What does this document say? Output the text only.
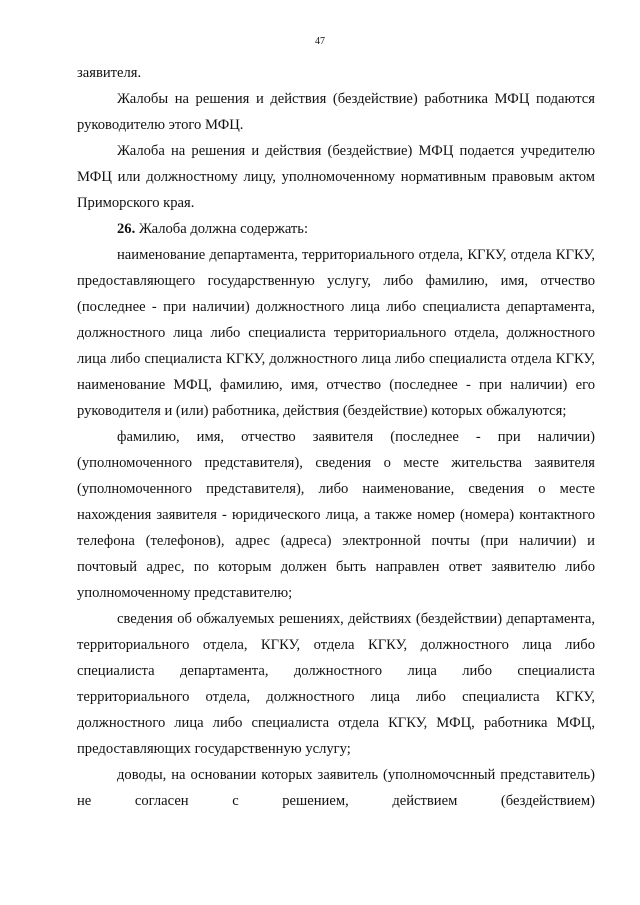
47

заявителя.

Жалобы на решения и действия (бездействие) работника МФЦ подаются руководителю этого МФЦ.

Жалоба на решения и действия (бездействие) МФЦ подается учредителю МФЦ или должностному лицу, уполномоченному нормативным правовым актом Приморского края.

26. Жалоба должна содержать:

наименование департамента, территориального отдела, КГКУ, отдела КГКУ, предоставляющего государственную услугу, либо фамилию, имя, отчество (последнее - при наличии) должностного лица либо специалиста департамента, должностного лица либо специалиста территориального отдела, должностного лица либо специалиста КГКУ, должностного лица либо специалиста отдела КГКУ, наименование МФЦ, фамилию, имя, отчество (последнее - при наличии) его руководителя и (или) работника, действия (бездействие) которых обжалуются;

фамилию, имя, отчество заявителя (последнее - при наличии) (уполномоченного представителя), сведения о месте жительства заявителя (уполномоченного представителя), либо наименование, сведения о месте нахождения заявителя - юридического лица, а также номер (номера) контактного телефона (телефонов), адрес (адреса) электронной почты (при наличии) и почтовый адрес, по которым должен быть направлен ответ заявителю либо уполномоченному представителю;

сведения об обжалуемых решениях, действиях (бездействии) департамента, территориального отдела, КГКУ, отдела КГКУ, должностного лица либо специалиста департамента, должностного лица либо специалиста территориального отдела, должностного лица либо специалиста КГКУ, должностного лица либо специалиста отдела КГКУ, МФЦ, работника МФЦ, предоставляющих государственную услугу;

доводы, на основании которых заявитель (уполномочснный представитель) не согласен с решением, действием (бездействием)
